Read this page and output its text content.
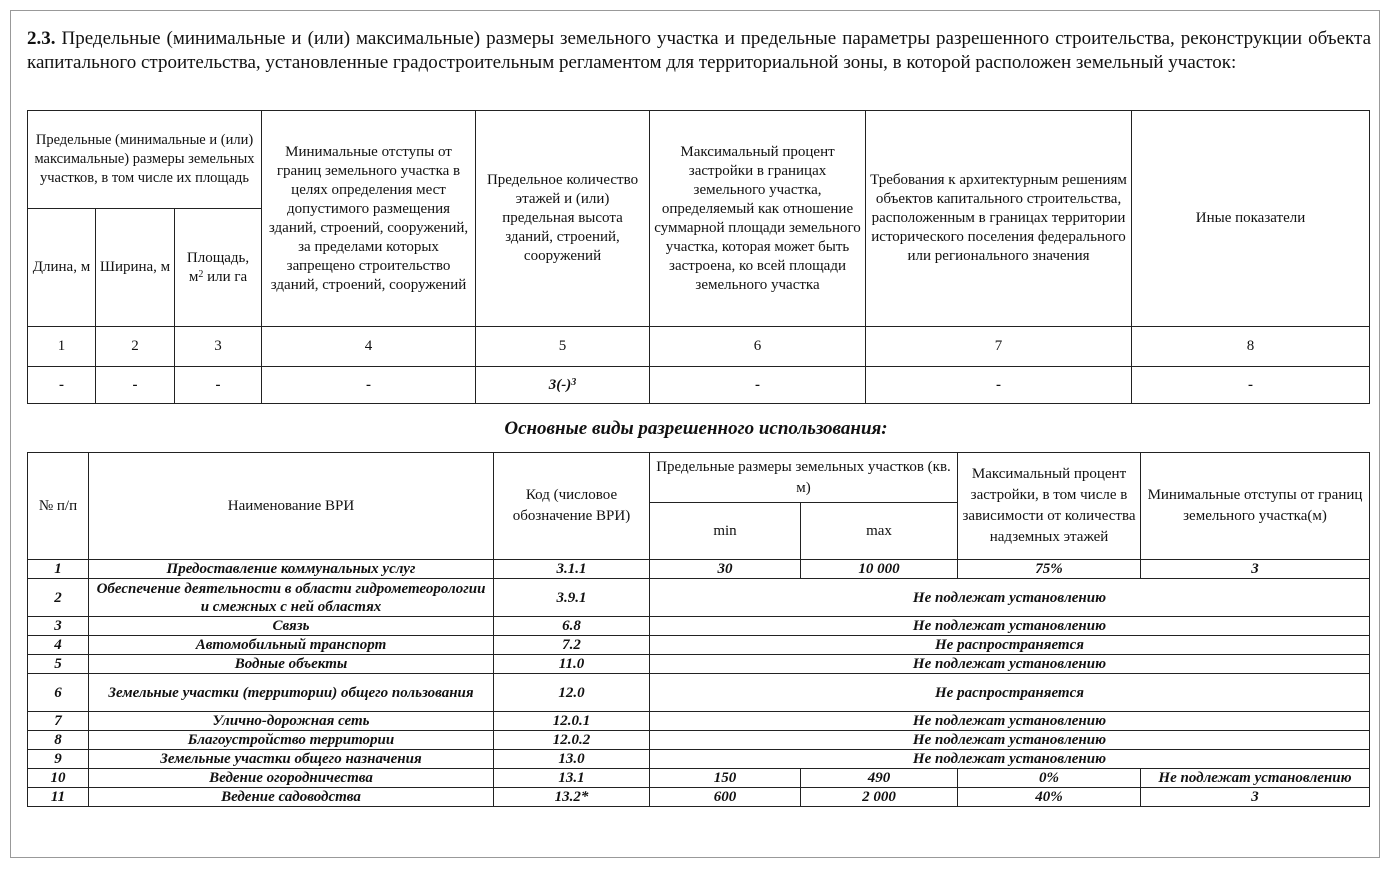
2.3. Предельные (минимальные и (или) максимальные) размеры земельного участка и предельные параметры разрешенного строительства, реконструкции объекта капитального строительства, установленные градостроительным регламентом для территориальной зоны, в которой расположен земельный участок:
Предельные (минимальные и (или) максимальные) размеры земельных участков, в том числе их площадь			Минимальные отступы от границ земельного участка в целях определения мест допустимого размещения зданий, строений, сооружений, за пределами которых запрещено строительство зданий, строений, сооружений	Предельное количество этажей и (или) предельная высота зданий, строений, сооружений	Максимальный процент застройки в границах земельного участка, определяемый как отношение суммарной площади земельного участка, которая может быть застроена, ко всей площади земельного участка	Требования к архитектурным решениям объектов капитального строительства, расположенным в границах территории исторического поселения федерального или регионального значения	Иные показатели
Длина, м	Ширина, м	Площадь, $м^2$ или га					
1	2	3	4	5	6	7	8
-	-	-	-	$3(-)^3$	-	-	-
Основные виды разрешенного использования:
№ п/п	Наименование ВРИ	Код (числовое обозначение ВРИ)	Предельные размеры земельных участков (кв. м)		Максимальный процент застройки, в том числе в зависимости от количества надземных этажей	Минимальные отступы от границ земельного участка(м)
			min	max		
1	Предоставление коммунальных услуг	3.1.1	30	10 000	75%	3
2	Обеспечение деятельности в области гидрометеорологии и смежных с ней областях	3.9.1	Не подлежат установлению			
3	Связь	6.8	Не подлежат установлению			
4	Автомобильный транспорт	7.2	Не распространяется			
5	Водные объекты	11.0	Не подлежат установлению			
6	Земельные участки (территории) общего пользования	12.0	Не распространяется			
7	Улично-дорожная сеть	12.0.1	Не подлежат установлению			
8	Благоустройство территории	12.0.2	Не подлежат установлению			
9	Земельные участки общего назначения	13.0	Не подлежат установлению			
10	Ведение огородничества	13.1	150	490	0%	Не подлежат установлению
11	Ведение садоводства	13.2*	600	2 000	40%	3
